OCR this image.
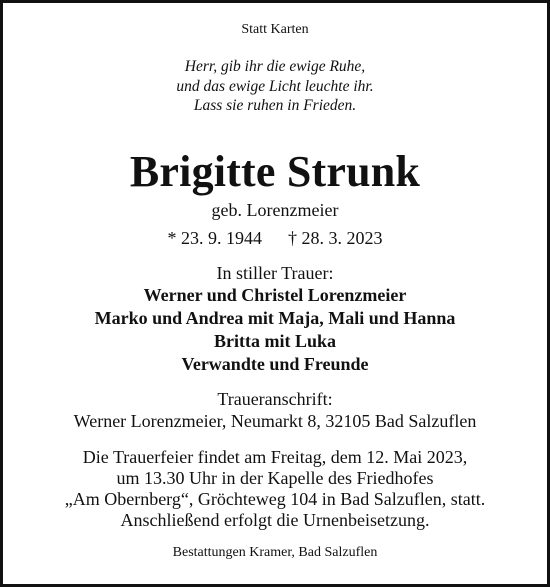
Statt Karten
Herr, gib ihr die ewige Ruhe,
und das ewige Licht leuchte ihr.
Lass sie ruhen in Frieden.
Brigitte Strunk
geb. Lorenzmeier
* 23. 9. 1944 † 28. 3. 2023
In stiller Trauer:
Werner und Christel Lorenzmeier
Marko und Andrea mit Maja, Mali und Hanna
Britta mit Luka
Verwandte und Freunde
Traueranschrift:
Werner Lorenzmeier, Neumarkt 8, 32105 Bad Salzuflen
Die Trauerfeier findet am Freitag, dem 12. Mai 2023,
um 13.30 Uhr in der Kapelle des Friedhofes
„Am Obernberg“, Gröchteweg 104 in Bad Salzuflen, statt.
Anschließend erfolgt die Urnenbeisetzung.
Bestattungen Kramer, Bad Salzuflen
